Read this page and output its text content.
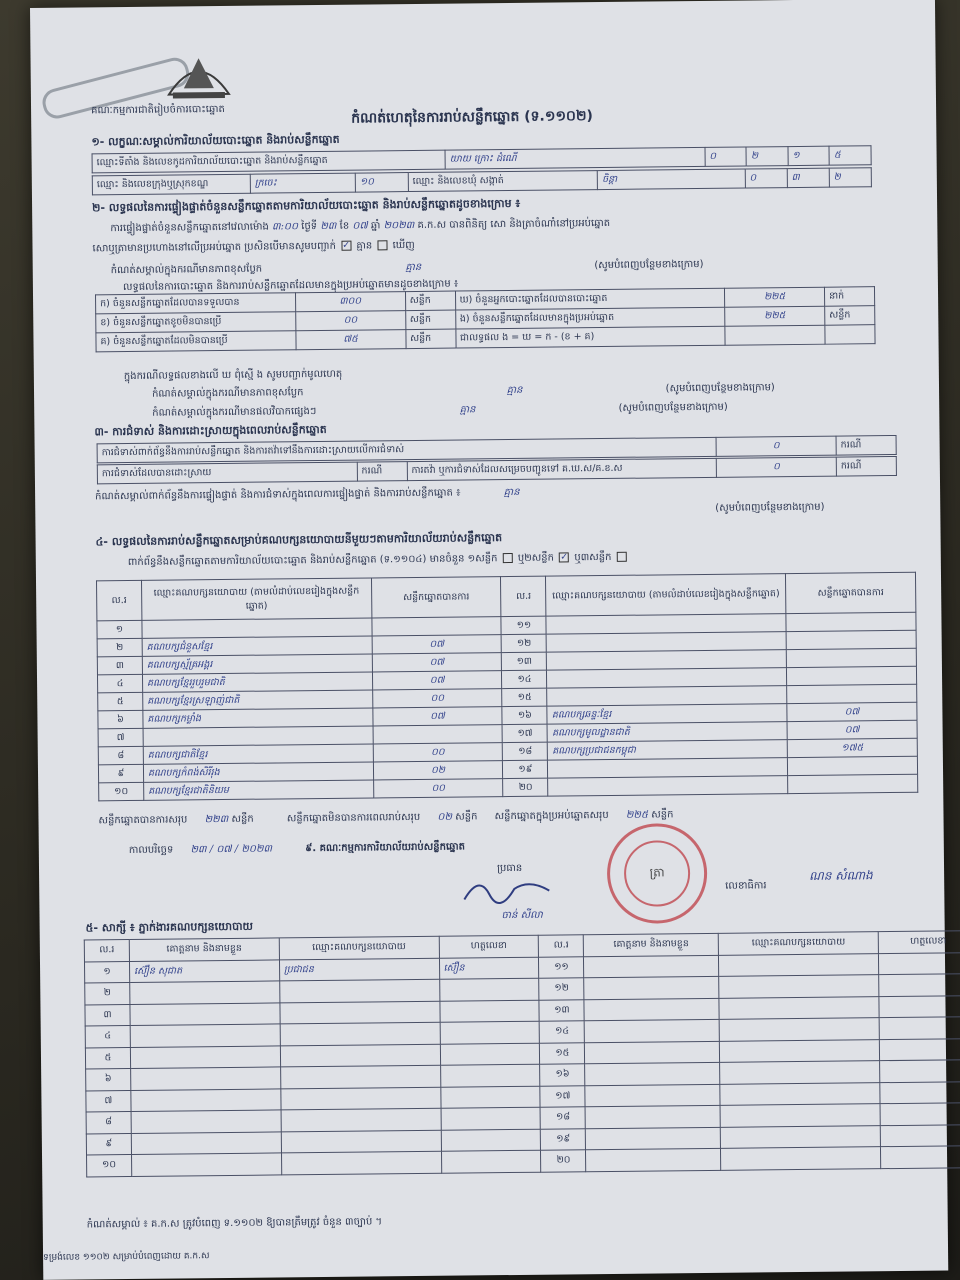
គណៈកម្មការជាតិរៀបចំការបោះឆ្នោត	កំណត់ហេតុនៃការរាប់សន្លឹកឆ្នោត (ទ.១១០២)
១- លក្ខណៈសម្គាល់ការិយាល័យបោះឆ្នោត និងរាប់សន្លឹកឆ្នោត
ឈ្មោះទីតាំង និងលេខកូដការិយាល័យបោះឆ្នោត និងរាប់សន្លឹកឆ្នោត	យាយ ក្រោះ ដំណើ	០	២	១	៥
ឈ្មោះ និងលេខក្រុងឬស្រុកខណ្ឌ	ក្រចេះ	១០	ឈ្មោះ និងលេខឃុំ សង្កាត់	ចិន្តា	០	៣	២
២- លទ្ធផលនៃការផ្ទៀងផ្ទាត់ចំនួនសន្លឹកឆ្នោតតាមការិយាល័យបោះឆ្នោត និងរាប់សន្លឹកឆ្នោតដូចខាងក្រោម ៖
ការផ្ទៀងផ្ទាត់ចំនួនសន្លឹកឆ្នោតនៅវេលាម៉ោង ៣:០០ ថ្ងៃទី ២៣ ខែ ០៧ ឆ្នាំ ២០២៣ គ.ក.ស បានពិនិត្យ សោ និងត្រាចំណាំនៅប្រអប់ឆ្នោត
សោឬត្រាមានប្រហោងនៅលើប្រអប់ឆ្នោត ប្រសិនបើមានសូមបញ្ជាក់ ✓ គ្មាន ឃើញ
កំណត់សម្គាល់ក្នុងករណីមានភាពខុសប្លែក	គ្មាន	(សូមបំពេញបន្ថែមខាងក្រោម)
លទ្ធផលនៃការបោះឆ្នោត និងការរាប់សន្លឹកឆ្នោតដែលមានក្នុងប្រអប់ឆ្នោតមានដូចខាងក្រោម ៖
ក) ចំនួនសន្លឹកឆ្នោតដែលបានទទួលបាន	៣០០	សន្លឹក	ឃ) ចំនួនអ្នកបោះឆ្នោតដែលបានបោះឆ្នោត	២២៥	នាក់
ខ) ចំនួនសន្លឹកឆ្នោតខូចមិនបានប្រើ	០០	សន្លឹក	ង) ចំនួនសន្លឹកឆ្នោតដែលមានក្នុងប្រអប់ឆ្នោត	២២៥	សន្លឹក
គ) ចំនួនសន្លឹកឆ្នោតដែលមិនបានប្រើ	៧៥	សន្លឹក	ជាលទ្ធផល ង = ឃ = ក - (ខ + គ)		
ក្នុងករណីលទ្ធផលខាងលើ ឃ ពុំស្មើ ង សូមបញ្ជាក់មូលហេតុ
កំណត់សម្គាល់ក្នុងករណីមានភាពខុសប្លែក	គ្មាន	(សូមបំពេញបន្ថែមខាងក្រោម)
កំណត់សម្គាល់ក្នុងករណីមានផលវិបាកផ្សេងៗ	គ្មាន	(សូមបំពេញបន្ថែមខាងក្រោម)
៣- ការជំទាស់ និងការដោះស្រាយក្នុងពេលរាប់សន្លឹកឆ្នោត
ការជំទាស់ពាក់ព័ន្ធនឹងការរាប់សន្លឹកឆ្នោត និងការតវ៉ាទៅនឹងការដោះស្រាយលើការជំទាស់	០	ករណី
ការជំទាស់ដែលបានដោះស្រាយ	ករណី	ការតវ៉ា ឬការជំទាស់ដែលសម្រេចបញ្ជូនទៅ គ.ឃ.ស/គ.ខ.ស	០	ករណី
កំណត់សម្គាល់ពាក់ព័ន្ធនឹងការផ្ទៀងផ្ទាត់ និងការជំទាស់ក្នុងពេលការផ្ទៀងផ្ទាត់ និងការរាប់សន្លឹកឆ្នោត ៖	គ្មាន
(សូមបំពេញបន្ថែមខាងក្រោម)
៤- លទ្ធផលនៃការរាប់សន្លឹកឆ្នោតសម្រាប់គណបក្សនយោបាយនីមួយៗតាមការិយាល័យរាប់សន្លឹកឆ្នោត
ពាក់ព័ន្ធនឹងសន្លឹកឆ្នោតតាមការិយាល័យបោះឆ្នោត និងរាប់សន្លឹកឆ្នោត (ទ.១១០៤) មានចំនួន ១សន្លឹក ឬ២សន្លឹក ✓ ឬ៣សន្លឹក
ល.រ	ឈ្មោះគណបក្សនយោបាយ (តាមលំដាប់លេខរៀងក្នុងសន្លឹកឆ្នោត)	សន្លឹកឆ្នោតបានការ	ល.រ	ឈ្មោះគណបក្សនយោបាយ (តាមលំដាប់លេខរៀងក្នុងសន្លឹកឆ្នោត)	សន្លឹកឆ្នោតបានការ
១			១១		
២	គណបក្សជំនួសខ្មែរ	០៧	១២		
៣	គណបក្សស្ម័គ្រអង្គរ	០៧	១៣		
៤	គណបក្សខ្មែររួបរួមជាតិ	០៧	១៤		
៥	គណបក្សខ្មែរស្រឡាញ់ជាតិ	០០	១៥		
៦	គណបក្សកម្លាំង	០៧	១៦	គណបក្សឆន្ទៈខ្មែរ	០៧
៧			១៧	គណបក្សមូលដ្ឋានជាតិ	០៧
៨	គណបក្សជាតិខ្មែរ	០០	១៨	គណបក្សប្រជាជនកម្ពុជា	១៧៥
៩	គណបក្សកំពង់សិរីរុង	០២	១៩		
១០	គណបក្សខ្មែរជាតិនិយម	០០	២០		
សន្លឹកឆ្នោតបានការសរុប ២២៣ សន្លឹក	សន្លឹកឆ្នោតមិនបានការពេលរាប់សរុប ០២ សន្លឹក សន្លឹកឆ្នោតក្នុងប្រអប់ឆ្នោតសរុប ២២៥ សន្លឹក
កាលបរិច្ឆេទ ២៣ / ០៧ / ២០២៣	៩. គណៈកម្មការការិយាល័យរាប់សន្លឹកឆ្នោត
ប្រធាន
ចាន់ សីលា
ត្រា
លេខាធិការ
ណន សំណាង
៥- សាក្សី ៖ ភ្នាក់ងារគណបក្សនយោបាយ
ល.រ	គោត្តនាម និងនាមខ្លួន	ឈ្មោះគណបក្សនយោបាយ	ហត្ថលេខា	ល.រ	គោត្តនាម និងនាមខ្លួន	ឈ្មោះគណបក្សនយោបាយ	ហត្ថលេខា
១	ស៊ឿន សុជាត	ប្រជាជន	ស៊ឿន	១១			
២				១២			
៣				១៣			
៤				១៤			
៥				១៥			
៦				១៦			
៧				១៧			
៨				១៨			
៩				១៩			
១០				២០			
កំណត់សម្គាល់ ៖ គ.ក.ស ត្រូវបំពេញ ទ.១១០២ ឱ្យបានត្រឹមត្រូវ ចំនួន ៣ច្បាប់ ។
ទម្រង់លេខ ១១០២ សម្រាប់បំពេញដោយ គ.ក.ស
